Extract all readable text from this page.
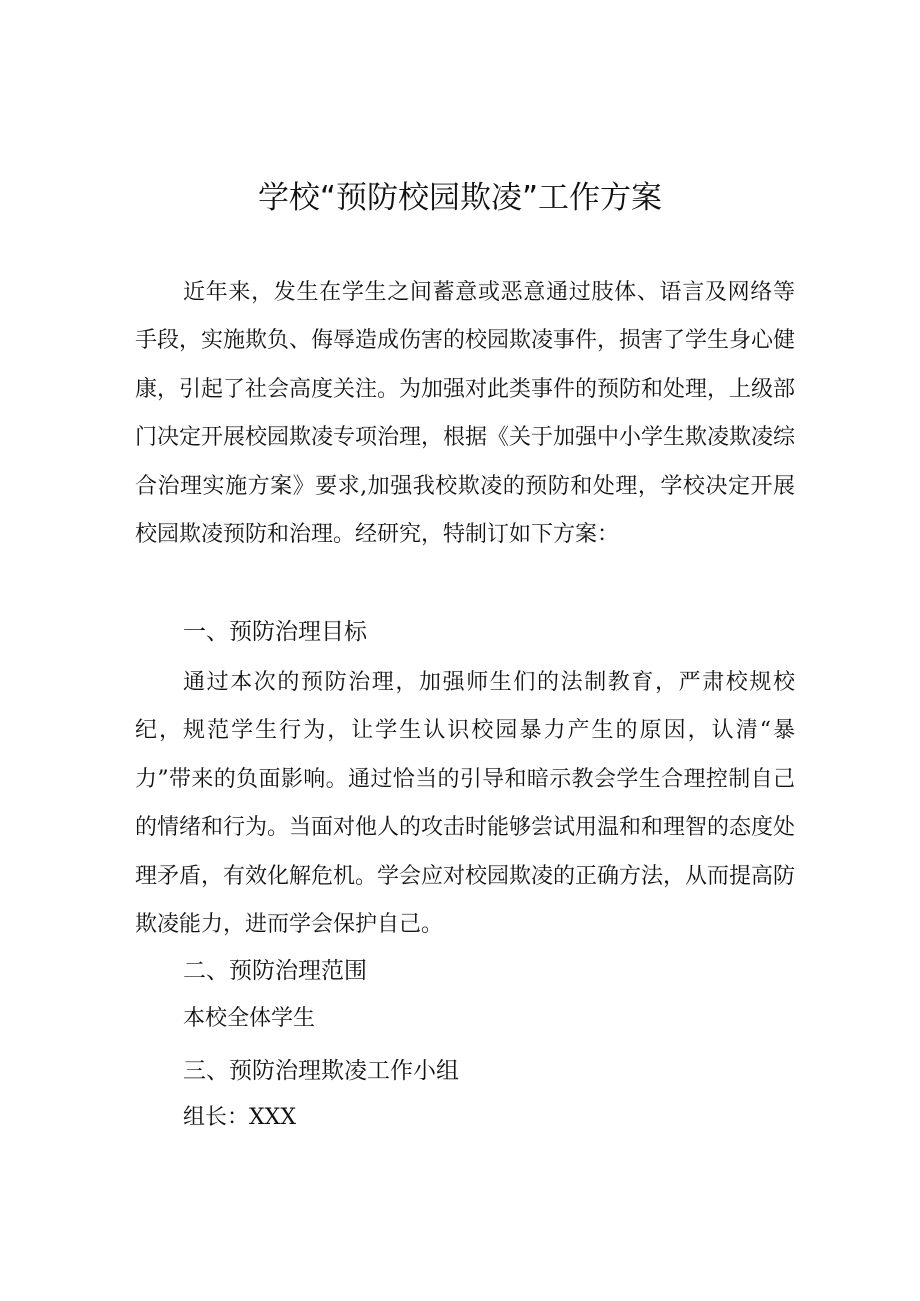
学校“预防校园欺凌”工作方案

近年来，发生在学生之间蓄意或恶意通过肢体、语言及网络等手段，实施欺负、侮辱造成伤害的校园欺凌事件，损害了学生身心健康，引起了社会高度关注。为加强对此类事件的预防和处理，上级部门决定开展校园欺凌专项治理，根据《关于加强中小学生欺凌欺凌综合治理实施方案》要求,加强我校欺凌的预防和处理，学校决定开展校园欺凌预防和治理。经研究，特制订如下方案：

一、预防治理目标

通过本次的预防治理，加强师生们的法制教育，严肃校规校纪，规范学生行为，让学生认识校园暴力产生的原因，认清“暴力”带来的负面影响。通过恰当的引导和暗示教会学生合理控制自己的情绪和行为。当面对他人的攻击时能够尝试用温和和理智的态度处理矛盾，有效化解危机。学会应对校园欺凌的正确方法，从而提高防欺凌能力，进而学会保护自己。

二、预防治理范围

本校全体学生

三、预防治理欺凌工作小组

组长：XXX
